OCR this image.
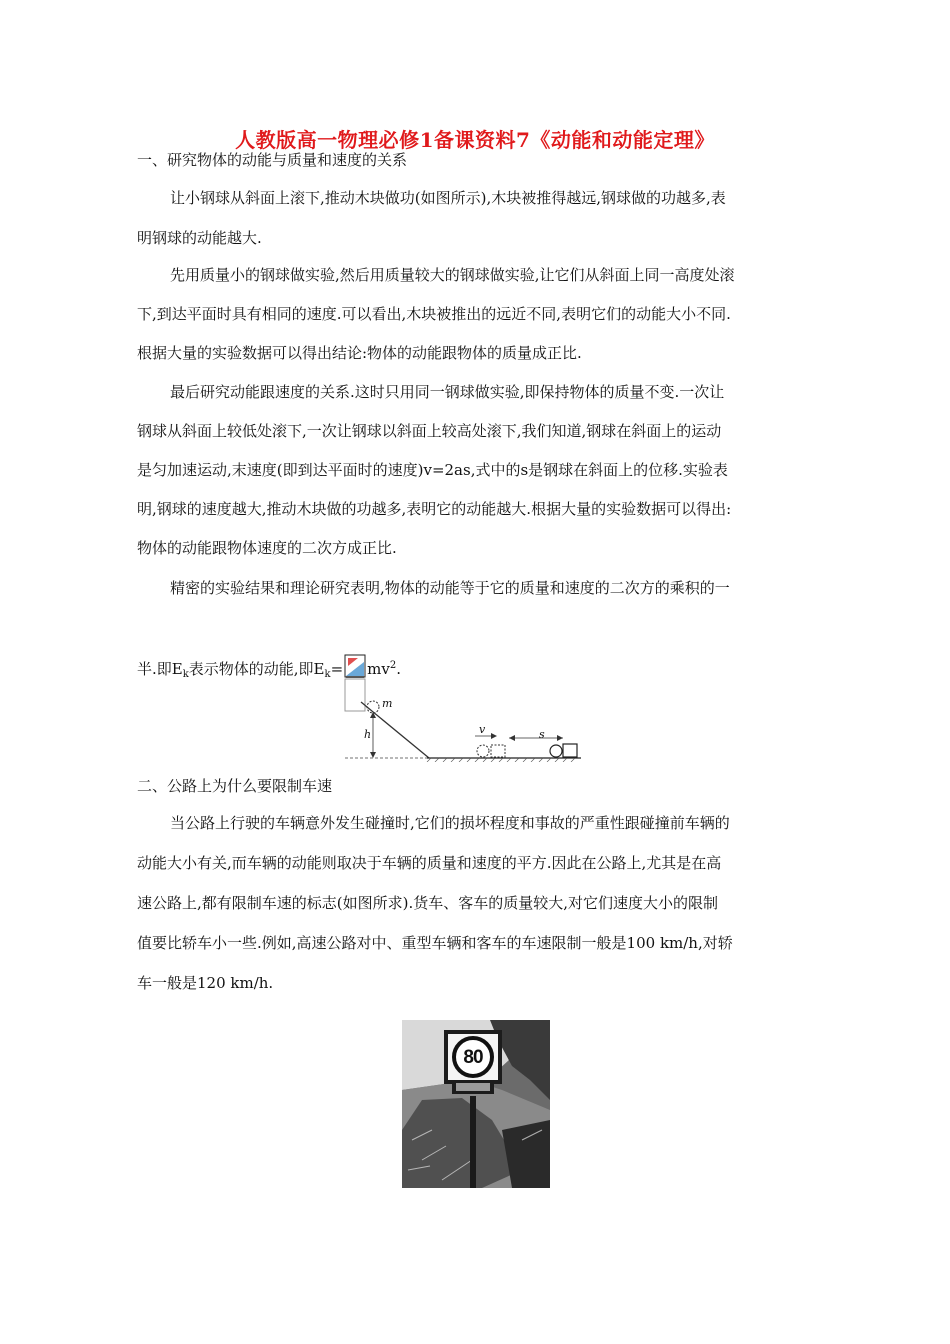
人教版高一物理必修1备课资料7《动能和动能定理》
一、研究物体的动能与质量和速度的关系
让小钢球从斜面上滚下,推动木块做功(如图所示),木块被推得越远,钢球做的功越多,表
明钢球的动能越大.
先用质量小的钢球做实验,然后用质量较大的钢球做实验,让它们从斜面上同一高度处滚
下,到达平面时具有相同的速度.可以看出,木块被推出的远近不同,表明它们的动能大小不同.
根据大量的实验数据可以得出结论:物体的动能跟物体的质量成正比.
最后研究动能跟速度的关系.这时只用同一钢球做实验,即保持物体的质量不变.一次让
钢球从斜面上较低处滚下,一次让钢球以斜面上较高处滚下,我们知道,钢球在斜面上的运动
是匀加速运动,末速度(即到达平面时的速度)v=2as,式中的s是钢球在斜面上的位移.实验表
明,钢球的速度越大,推动木块做的功越多,表明它的动能越大.根据大量的实验数据可以得出:
物体的动能跟物体速度的二次方成正比.
精密的实验结果和理论研究表明,物体的动能等于它的质量和速度的二次方的乘积的一
半.即$E_k$表示物体的动能,即$E_k= mv^2$.
m
h	v	s
二、公路上为什么要限制车速
当公路上行驶的车辆意外发生碰撞时,它们的损坏程度和事故的严重性跟碰撞前车辆的
动能大小有关,而车辆的动能则取决于车辆的质量和速度的平方.因此在公路上,尤其是在高
速公路上,都有限制车速的标志(如图所求).货车、客车的质量较大,对它们速度大小的限制
值要比轿车小一些.例如,高速公路对中、重型车辆和客车的车速限制一般是100 km/h,对轿
车一般是120 km/h.
80
